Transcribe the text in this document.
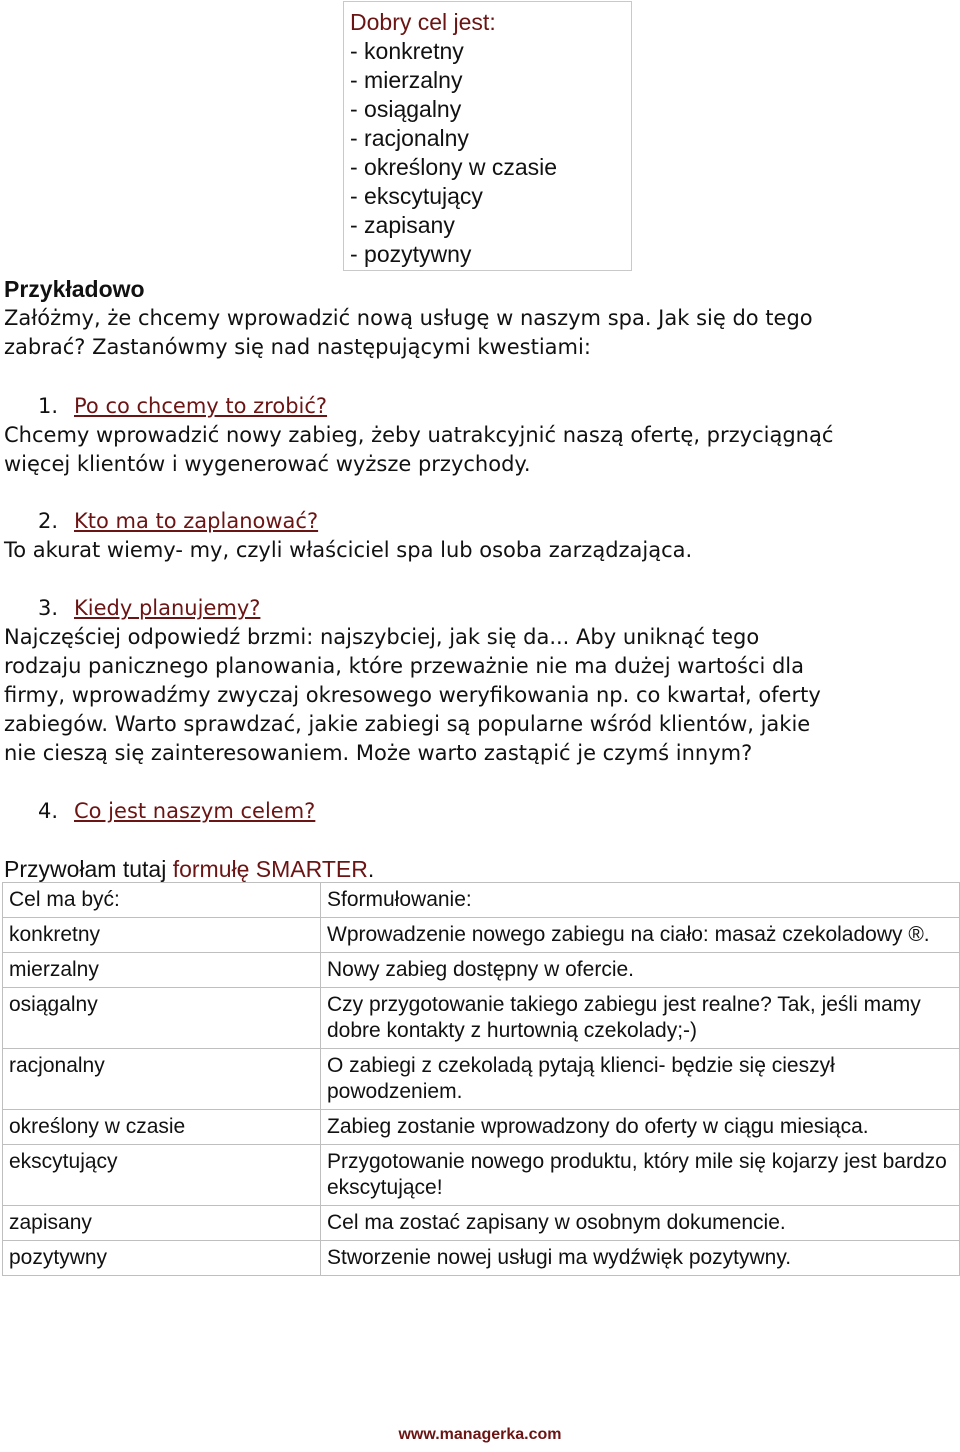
Dobry cel jest:
- konkretny
- mierzalny
- osiągalny
- racjonalny
- określony w czasie
- ekscytujący
- zapisany
- pozytywny
Przykładowo
Załóżmy, że chcemy wprowadzić nową usługę w naszym spa. Jak się do tego
zabrać? Zastanówmy się nad następującymi kwestiami:
1. Po co chcemy to zrobić?
Chcemy wprowadzić nowy zabieg, żeby uatrakcyjnić naszą ofertę, przyciągnąć
więcej klientów i wygenerować wyższe przychody.
2. Kto ma to zaplanować?
To akurat wiemy- my, czyli właściciel spa lub osoba zarządzająca.
3. Kiedy planujemy?
Najczęściej odpowiedź brzmi: najszybciej, jak się da... Aby uniknąć tego
rodzaju panicznego planowania, które przeważnie nie ma dużej wartości dla
firmy, wprowadźmy zwyczaj okresowego weryfikowania np. co kwartał, oferty
zabiegów. Warto sprawdzać, jakie zabiegi są popularne wśród klientów, jakie
nie cieszą się zainteresowaniem. Może warto zastąpić je czymś innym?
4. Co jest naszym celem?
Przywołam tutaj formułę SMARTER.
Cel ma być:	Sformułowanie:
konkretny	Wprowadzenie nowego zabiegu na ciało: masaż czekoladowy ®.
mierzalny	Nowy zabieg dostępny w ofercie.
osiągalny	Czy przygotowanie takiego zabiegu jest realne? Tak, jeśli mamy dobre kontakty z hurtownią czekolady;-)
racjonalny	O zabiegi z czekoladą pytają klienci- będzie się cieszył powodzeniem.
określony w czasie	Zabieg zostanie wprowadzony do oferty w ciągu miesiąca.
ekscytujący	Przygotowanie nowego produktu, który mile się kojarzy jest bardzo ekscytujące!
zapisany	Cel ma zostać zapisany w osobnym dokumencie.
pozytywny	Stworzenie nowej usługi ma wydźwięk pozytywny.
www.managerka.com
